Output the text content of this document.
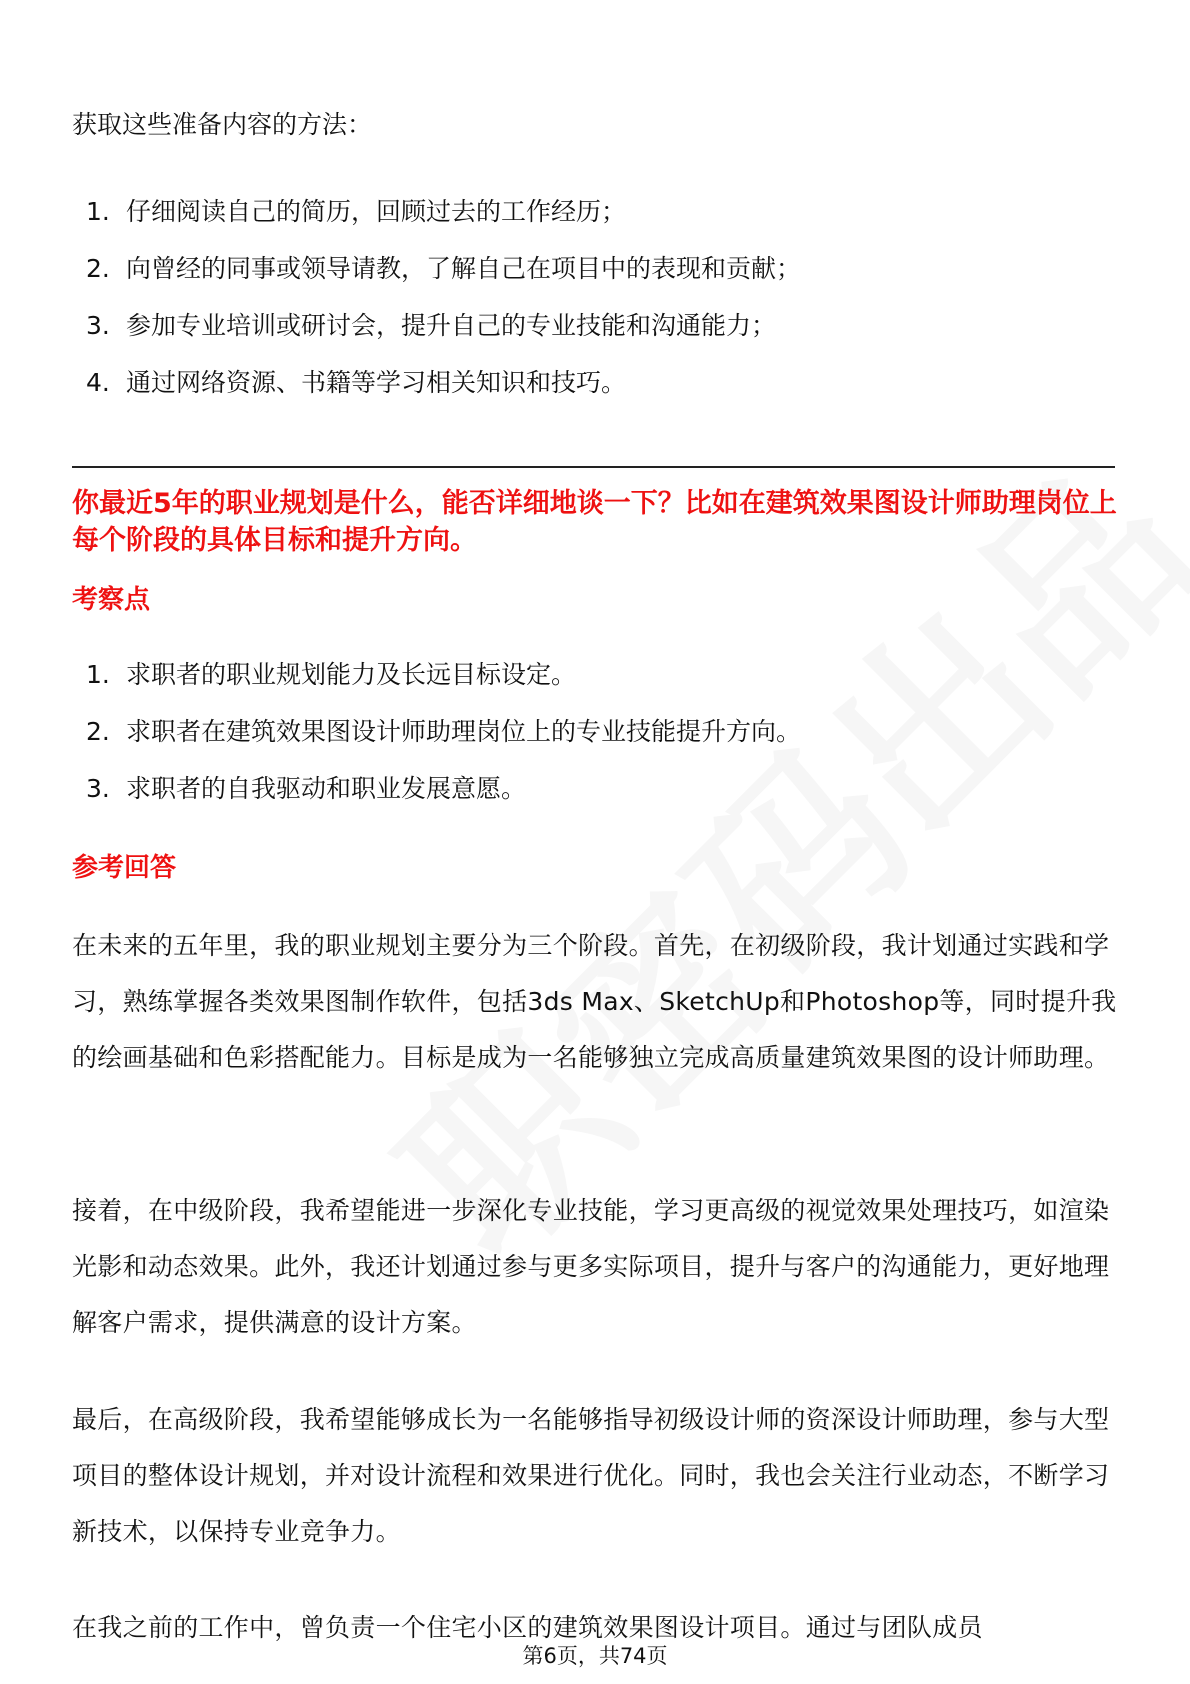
获取这些准备内容的方法：

1. 仔细阅读自己的简历，回顾过去的工作经历；
2. 向曾经的同事或领导请教，了解自己在项目中的表现和贡献；
3. 参加专业培训或研讨会，提升自己的专业技能和沟通能力；
4. 通过网络资源、书籍等学习相关知识和技巧。

你最近5年的职业规划是什么，能否详细地谈一下？比如在建筑效果图设计师助理岗位上每个阶段的具体目标和提升方向。

考察点
1. 求职者的职业规划能力及长远目标设定。
2. 求职者在建筑效果图设计师助理岗位上的专业技能提升方向。
3. 求职者的自我驱动和职业发展意愿。
参考回答

在未来的五年里，我的职业规划主要分为三个阶段。首先，在初级阶段，我计划通过实践和学习，熟练掌握各类效果图制作软件，包括3ds Max、SketchUp和Photoshop等，同时提升我的绘画基础和色彩搭配能力。目标是成为一名能够独立完成高质量建筑效果图的设计师助理。

接着，在中级阶段，我希望能进一步深化专业技能，学习更高级的视觉效果处理技巧，如渲染光影和动态效果。此外，我还计划通过参与更多实际项目，提升与客户的沟通能力，更好地理解客户需求，提供满意的设计方案。

最后，在高级阶段，我希望能够成长为一名能够指导初级设计师的资深设计师助理，参与大型项目的整体设计规划，并对设计流程和效果进行优化。同时，我也会关注行业动态，不断学习新技术，以保持专业竞争力。

在我之前的工作中，曾负责一个住宅小区的建筑效果图设计项目。通过与团队成员

第6页，共74页
